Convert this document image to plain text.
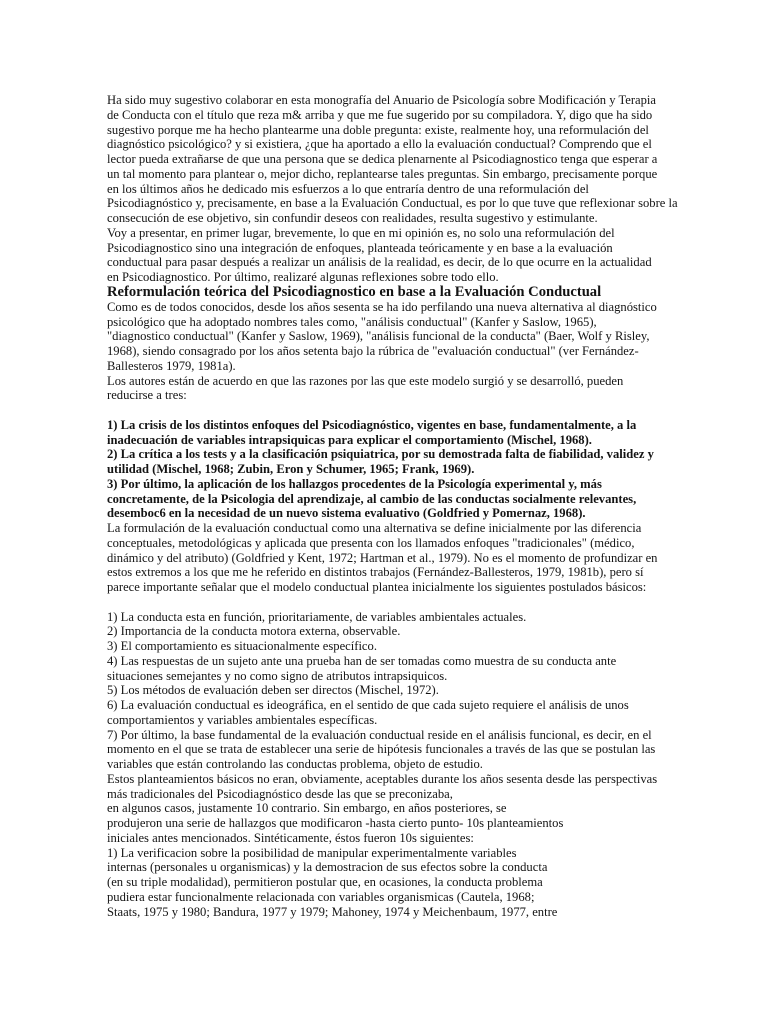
Ha sido muy sugestivo colaborar en esta monografía del Anuario de Psicología sobre Modificación y Terapia
de Conducta con el título que reza m& arriba y que me fue sugerido por su compiladora. Y, digo que ha sido
sugestivo porque me ha hecho plantearme una doble pregunta: existe, realmente hoy, una reformulación del
diagnóstico psicológico? y si existiera, ¿que ha aportado a ello la evaluación conductual? Comprendo que el
lector pueda extrañarse de que una persona que se dedica plenarnente al Psicodiagnostico tenga que esperar a
un tal momento para plantear o, mejor dicho, replantearse tales preguntas. Sin embargo, precisamente porque
en los últimos años he dedicado mis esfuerzos a lo que entraría dentro de una reformulación del
Psicodiagnóstico y, precisamente, en base a la Evaluación Conductual, es por lo que tuve que reflexionar sobre la
consecución de ese objetivo, sin confundir deseos con realidades, resulta sugestivo y estimulante.
Voy a presentar, en primer lugar, brevemente, lo que en mi opinión es, no solo una reformulación del
Psicodiagnostico sino una integración de enfoques, planteada teóricamente y en base a la evaluación
conductual para pasar después a realizar un análisis de la realidad, es decir, de lo que ocurre en la actualidad
en Psicodiagnostico. Por último, realizaré algunas reflexiones sobre todo ello.
Reformulación teórica del Psicodiagnostico en base a la Evaluación Conductual
Como es de todos conocidos, desde los años sesenta se ha ido perfilando una nueva alternativa al diagnóstico
psicológico que ha adoptado nombres tales como, "análisis conductual" (Kanfer y Saslow, 1965),
"diagnostico conductual" (Kanfer y Saslow, 1969), "análisis funcional de la conducta" (Baer, Wolf y Risley,
1968), siendo consagrado por los años setenta bajo la rúbrica de "evaluación conductual" (ver Fernández-
Ballesteros 1979, 1981a).
Los autores están de acuerdo en que las razones por las que este modelo surgió y se desarrolló, pueden
reducirse a tres:
1) La crisis de los distintos enfoques del Psicodiagnóstico, vigentes en base, fundamentalmente, a la
inadecuación de variables intrapsiquicas para explicar el comportamiento (Mischel, 1968).
2) La crítica a los tests y a la clasificación psiquiatrica, por su demostrada falta de fiabilidad, validez y
utilidad (Mischel, 1968; Zubin, Eron y Schumer, 1965; Frank, 1969).
3) Por último, la aplicación de los hallazgos procedentes de la Psicología experimental y, más
concretamente, de la Psicologia del aprendizaje, al cambio de las conductas socialmente relevantes,
desemboc6 en la necesidad de un nuevo sistema evaluativo (Goldfried y Pomernaz, 1968).
La formulación de la evaluación conductual como una alternativa se define inicialmente por las diferencia
conceptuales, metodológicas y aplicada que presenta con los llamados enfoques "tradicionales" (médico,
dinámico y del atributo) (Goldfried y Kent, 1972; Hartman et al., 1979). No es el momento de profundizar en
estos extremos a los que me he referido en distintos trabajos (Fernández-Ballesteros, 1979, 1981b), pero sí
parece importante señalar que el modelo conductual plantea inicialmente los siguientes postulados básicos:
1) La conducta esta en función, prioritariamente, de variables ambientales actuales.
2) Importancia de la conducta motora externa, observable.
3) El comportamiento es situacionalmente específico.
4) Las respuestas de un sujeto ante una prueba han de ser tomadas como muestra de su conducta ante
situaciones semejantes y no como signo de atributos intrapsiquicos.
5) Los métodos de evaluación deben ser directos (Mischel, 1972).
6) La evaluación conductual es ideográfica, en el sentido de que cada sujeto requiere el análisis de unos
comportamientos y variables ambientales específicas.
7) Por último, la base fundamental de la evaluación conductual reside en el análisis funcional, es decir, en el
momento en el que se trata de establecer una serie de hipótesis funcionales a través de las que se postulan las
variables que están controlando las conductas problema, objeto de estudio.
Estos planteamientos básicos no eran, obviamente, aceptables durante los años sesenta desde las perspectivas
más tradicionales del Psicodiagnóstico desde las que se preconizaba,
en algunos casos, justamente 10 contrario. Sin embargo, en años posteriores, se
produjeron una serie de hallazgos que modificaron -hasta cierto punto- 10s planteamientos
iniciales antes mencionados. Sintéticamente, éstos fueron 10s siguientes:
1) La verificacion sobre la posibilidad de manipular experimentalmente variables
internas (personales u organismicas) y la demostracion de sus efectos sobre la conducta
(en su triple modalidad), permitieron postular que, en ocasiones, la conducta problema
pudiera estar funcionalmente relacionada con variables organismicas (Cautela, 1968;
Staats, 1975 y 1980; Bandura, 1977 y 1979; Mahoney, 1974 y Meichenbaum, 1977, entre
